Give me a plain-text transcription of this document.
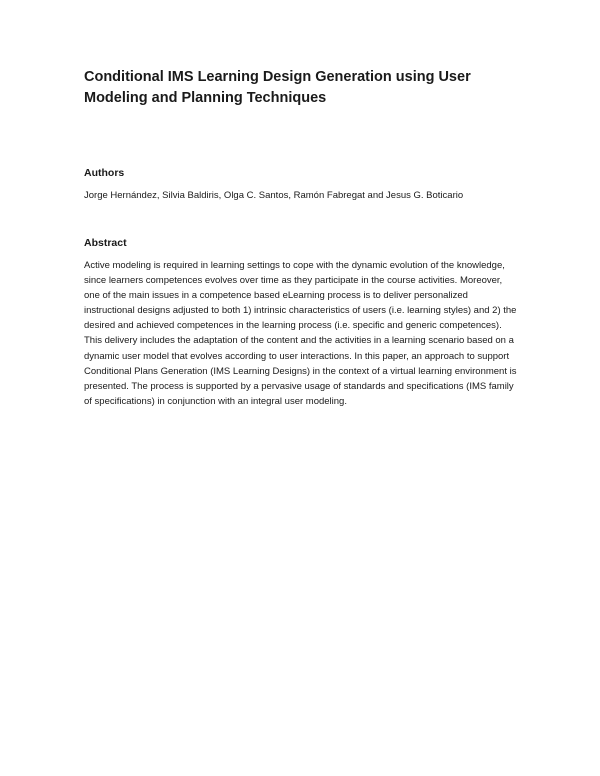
Conditional IMS Learning Design Generation using User Modeling and Planning Techniques
Authors

Jorge Hernández, Silvia Baldiris, Olga C. Santos, Ramón Fabregat and Jesus G. Boticario

Abstract

Active modeling is required in learning settings to cope with the dynamic evolution of the knowledge, since learners competences evolves over time as they participate in the course activities. Moreover, one of the main issues in a competence based eLearning process is to deliver personalized instructional designs adjusted to both 1) intrinsic characteristics of users (i.e. learning styles) and 2) the desired and achieved competences in the learning process (i.e. specific and generic competences). This delivery includes the adaptation of the content and the activities in a learning scenario based on a dynamic user model that evolves according to user interactions. In this paper, an approach to support Conditional Plans Generation (IMS Learning Designs) in the context of a virtual learning environment is presented. The process is supported by a pervasive usage of standards and specifications (IMS family of specifications) in conjunction with an integral user modeling.
